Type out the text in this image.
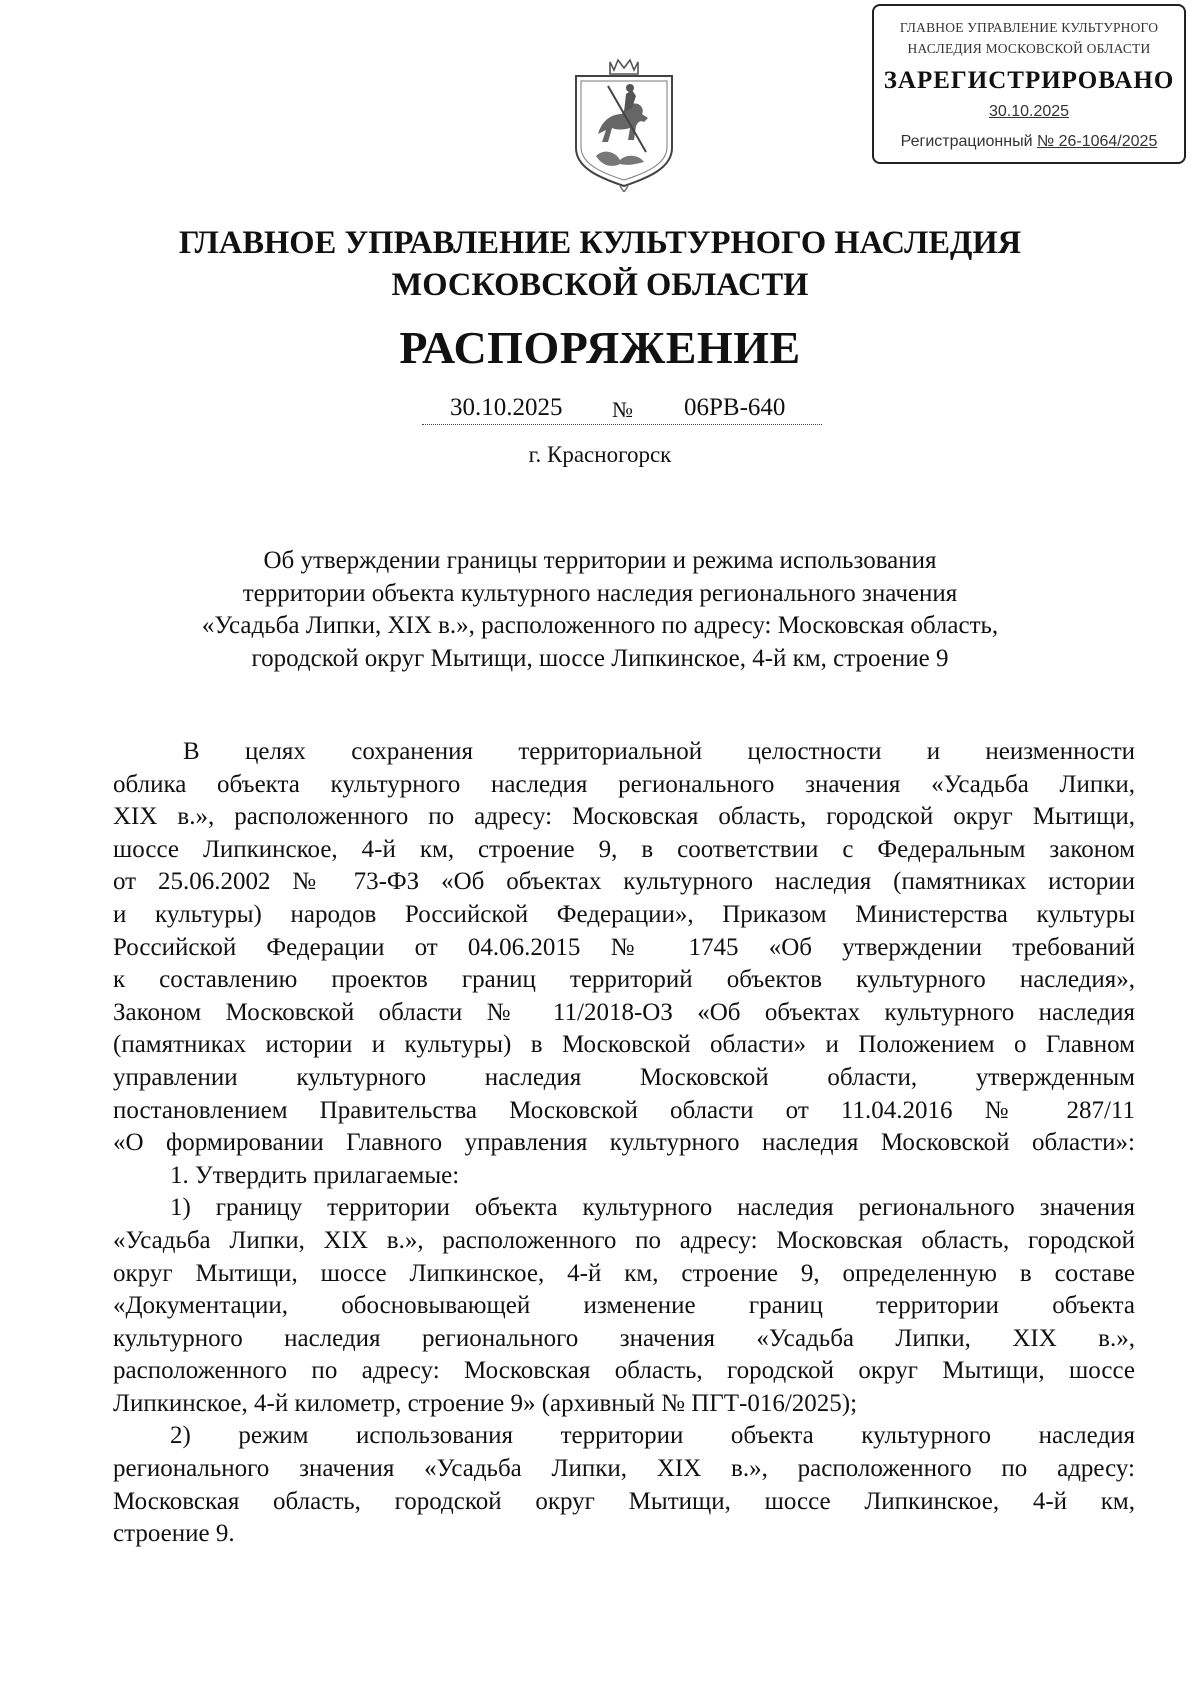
ГЛАВНОЕ УПРАВЛЕНИЕ КУЛЬТУРНОГО
НАСЛЕДИЯ МОСКОВСКОЙ ОБЛАСТИ
ЗАРЕГИСТРИРОВАНО
30.10.2025
Регистрационный № 26-1064/2025
ГЛАВНОЕ УПРАВЛЕНИЕ КУЛЬТУРНОГО НАСЛЕДИЯ
МОСКОВСКОЙ ОБЛАСТИ
РАСПОРЯЖЕНИЕ
30.10.2025 № 06РВ-640
г. Красногорск
Об утверждении границы территории и режима использования
территории объекта культурного наследия регионального значения
«Усадьба Липки, XIX в.», расположенного по адресу: Московская область,
городской округ Мытищи, шоссе Липкинское, 4-й км, строение 9

В целях сохранения территориальной целостности и неизменности

облика объекта культурного наследия регионального значения «Усадьба Липки,

XIX в.», расположенного по адресу: Московская область, городской округ Мытищи,

шоссе Липкинское, 4-й км, строение 9, в соответствии с Федеральным законом

от 25.06.2002 № 73-ФЗ «Об объектах культурного наследия (памятниках истории

и культуры) народов Российской Федерации», Приказом Министерства культуры

Российской Федерации от 04.06.2015 № 1745 «Об утверждении требований

к составлению проектов границ территорий объектов культурного наследия»,

Законом Московской области № 11/2018-ОЗ «Об объектах культурного наследия

(памятниках истории и культуры) в Московской области» и Положением о Главном

управлении культурного наследия Московской области, утвержденным

постановлением Правительства Московской области от 11.04.2016 № 287/11

«О формировании Главного управления культурного наследия Московской области»:

1. Утвердить прилагаемые:

1) границу территории объекта культурного наследия регионального значения

«Усадьба Липки, XIX в.», расположенного по адресу: Московская область, городской

округ Мытищи, шоссе Липкинское, 4-й км, строение 9, определенную в составе

«Документации, обосновывающей изменение границ территории объекта

культурного наследия регионального значения «Усадьба Липки, XIX в.»,

расположенного по адресу: Московская область, городской округ Мытищи, шоссе

Липкинское, 4-й километр, строение 9» (архивный № ПГТ-016/2025);

2) режим использования территории объекта культурного наследия

регионального значения «Усадьба Липки, XIX в.», расположенного по адресу:

Московская область, городской округ Мытищи, шоссе Липкинское, 4-й км,

строение 9.
